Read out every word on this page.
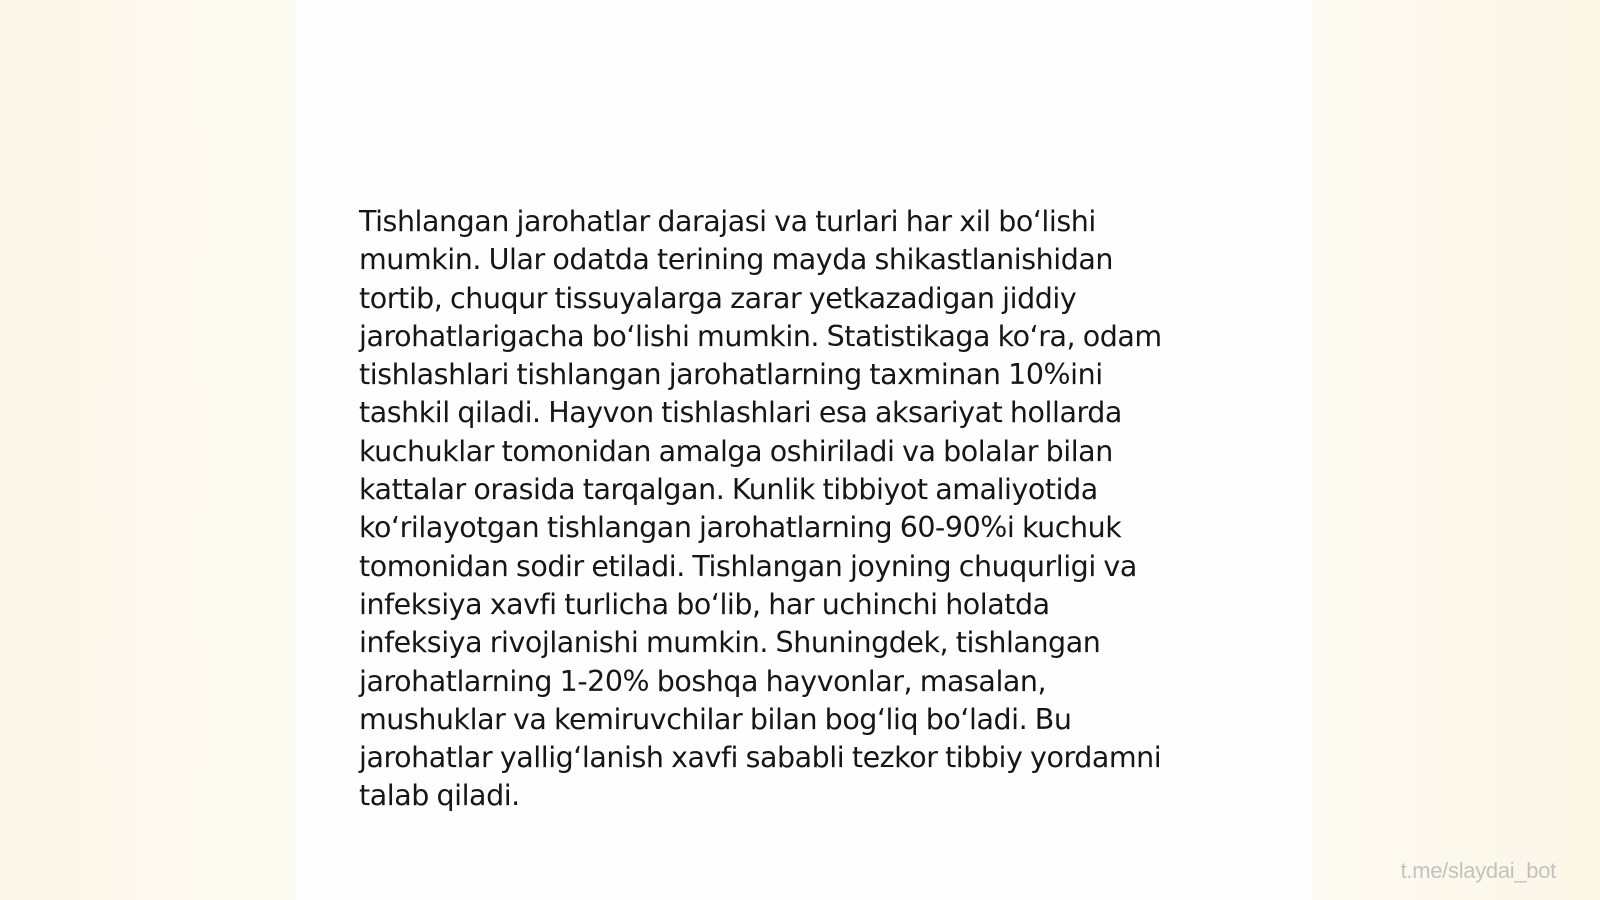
Tishlangan jarohatlar darajasi va turlari har xil bo‘lishi
mumkin. Ular odatda terining mayda shikastlanishidan
tortib, chuqur tissuyalarga zarar yetkazadigan jiddiy
jarohatlarigacha bo‘lishi mumkin. Statistikaga ko‘ra, odam
tishlashlari tishlangan jarohatlarning taxminan 10%ini
tashkil qiladi. Hayvon tishlashlari esa aksariyat hollarda
kuchuklar tomonidan amalga oshiriladi va bolalar bilan
kattalar orasida tarqalgan. Kunlik tibbiyot amaliyotida
ko‘rilayotgan tishlangan jarohatlarning 60-90%i kuchuk
tomonidan sodir etiladi. Tishlangan joyning chuqurligi va
infeksiya xavfi turlicha bo‘lib, har uchinchi holatda
infeksiya rivojlanishi mumkin. Shuningdek, tishlangan
jarohatlarning 1-20% boshqa hayvonlar, masalan,
mushuklar va kemiruvchilar bilan bog‘liq bo‘ladi. Bu
jarohatlar yallig‘lanish xavfi sababli tezkor tibbiy yordamni
talab qiladi.

t.me/slaydai_bot
